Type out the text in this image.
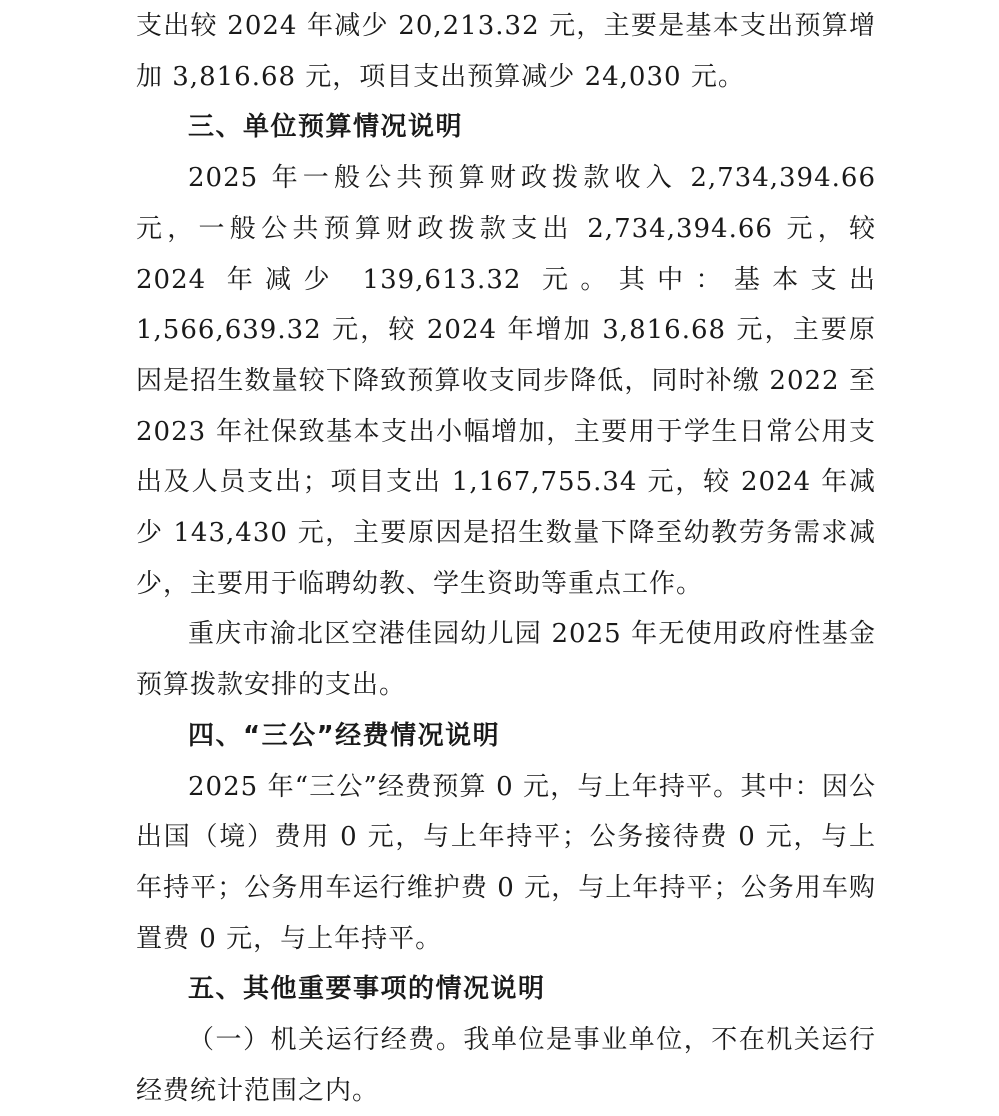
支出较 2024 年减少 20,213.32 元，主要是基本支出预算增加 3,816.68 元，项目支出预算减少 24,030 元。

三、单位预算情况说明

2025 年一般公共预算财政拨款收入 2,734,394.66 元，一般公共预算财政拨款支出 2,734,394.66 元，较 2024 年减少 139,613.32 元。其中：基本支出 1,566,639.32 元，较 2024 年增加 3,816.68 元，主要原因是招生数量较下降致预算收支同步降低，同时补缴 2022 至 2023 年社保致基本支出小幅增加，主要用于学生日常公用支出及人员支出；项目支出 1,167,755.34 元，较 2024 年减少 143,430 元，主要原因是招生数量下降至幼教劳务需求减少，主要用于临聘幼教、学生资助等重点工作。

重庆市渝北区空港佳园幼儿园 2025 年无使用政府性基金预算拨款安排的支出。

四、“三公”经费情况说明

2025 年“三公”经费预算 0 元，与上年持平。其中：因公出国（境）费用 0 元，与上年持平；公务接待费 0 元，与上年持平；公务用车运行维护费 0 元，与上年持平；公务用车购置费 0 元，与上年持平。

五、其他重要事项的情况说明

（一）机关运行经费。我单位是事业单位，不在机关运行经费统计范围之内。
